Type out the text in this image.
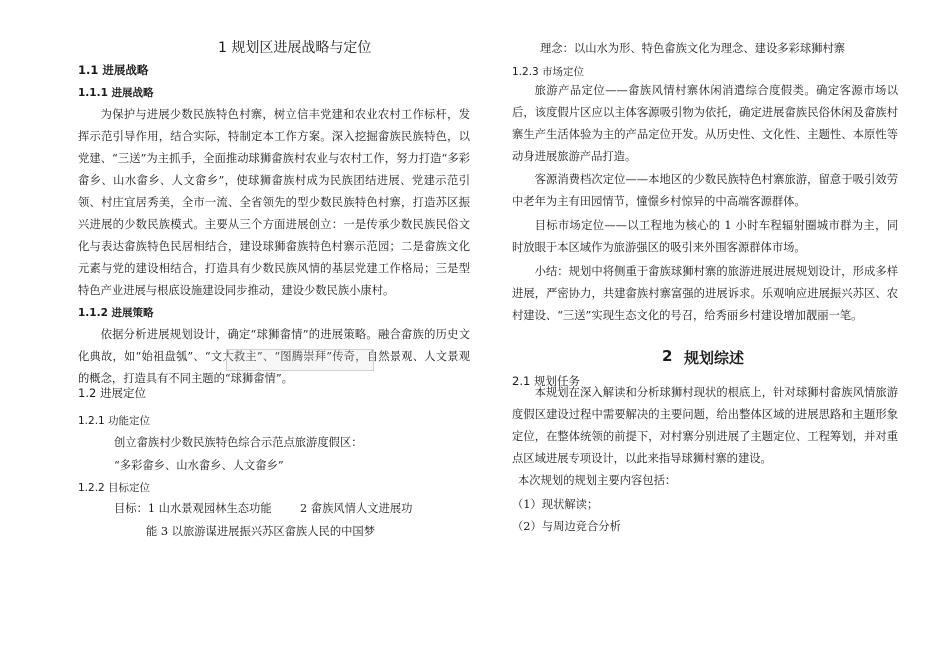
1 规划区进展战略与定位
1.1 进展战略
1.1.1 进展战略
为保护与进展少数民族特色村寨，树立信丰党建和农业农村工作标杆，发挥示范引导作用，结合实际，特制定本工作方案。深入挖掘畲族民族特色，以党建、“三送”为主抓手，全面推动球狮畲族村农业与农村工作，努力打造“多彩畲乡、山水畲乡、人文畲乡”，使球狮畲族村成为民族团结进展、党建示范引领、村庄宜居秀美，全市一流、全省领先的型少数民族特色村寨，打造苏区振兴进展的少数民族模式。主要从三个方面进展创立：一是传承少数民族民俗文化与表达畲族特色民居相结合，建设球狮畲族特色村寨示范园；二是畲族文化元素与党的建设相结合，打造具有少数民族风情的基层党建工作格局；三是型特色产业进展与根底设施建设同步推动，建设少数民族小康村。
1.1.2 进展策略
依据分析进展规划设计，确定“球狮畲情”的进展策略。融合畲族的历史文化典故，如“始祖盘瓠”、“文大救主”、“图腾崇拜”传奇，自然景观、人文景观的概念，打造具有不同主题的“球狮畲情”。
1.2 进展定位
1.2.1 功能定位
创立畲族村少数民族特色综合示范点旅游度假区：
“多彩畲乡、山水畲乡、人文畲乡”
1.2.2 目标定位
目标：1 山水景观园林生态功能	2 畲族风情人文进展功
能 3 以旅游谋进展振兴苏区畲族人民的中国梦
理念：以山水为形、特色畲族文化为理念、建设多彩球狮村寨
1.2.3 市场定位
旅游产品定位——畲族风情村寨休闲消遣综合度假类。确定客源市场以后，该度假片区应以主体客源吸引物为依托，确定进展畲族民俗休闲及畲族村寨生产生活体验为主的产品定位开发。从历史性、文化性、主题性、本原性等动身进展旅游产品打造。
客源消费档次定位——本地区的少数民族特色村寨旅游，留意于吸引效劳中老年为主有田园情节，憧憬乡村惊异的中高端客源群体。
目标市场定位——以工程地为核心的 1 小时车程辐射圈城市群为主，同时放眼于本区域作为旅游强区的吸引来外围客源群体市场。
小结：规划中将侧重于畲族球狮村寨的旅游进展进展规划设计，形成多样进展，严密协力，共建畲族村寨富强的进展诉求。乐观响应进展振兴苏区、农村建设、“三送”实现生态文化的号召，给秀丽乡村建设增加靓丽一笔。
2 规划综述
2.1 规划任务
本规划在深入解读和分析球狮村现状的根底上，针对球狮村畲族风情旅游度假区建设过程中需要解决的主要问题，给出整体区域的进展思路和主题形象定位，在整体统领的前提下，对村寨分别进展了主题定位、工程筹划，并对重点区域进展专项设计，以此来指导球狮村寨的建设。
本次规划的规划主要内容包括：
（1）现状解读；
（2）与周边竞合分析
